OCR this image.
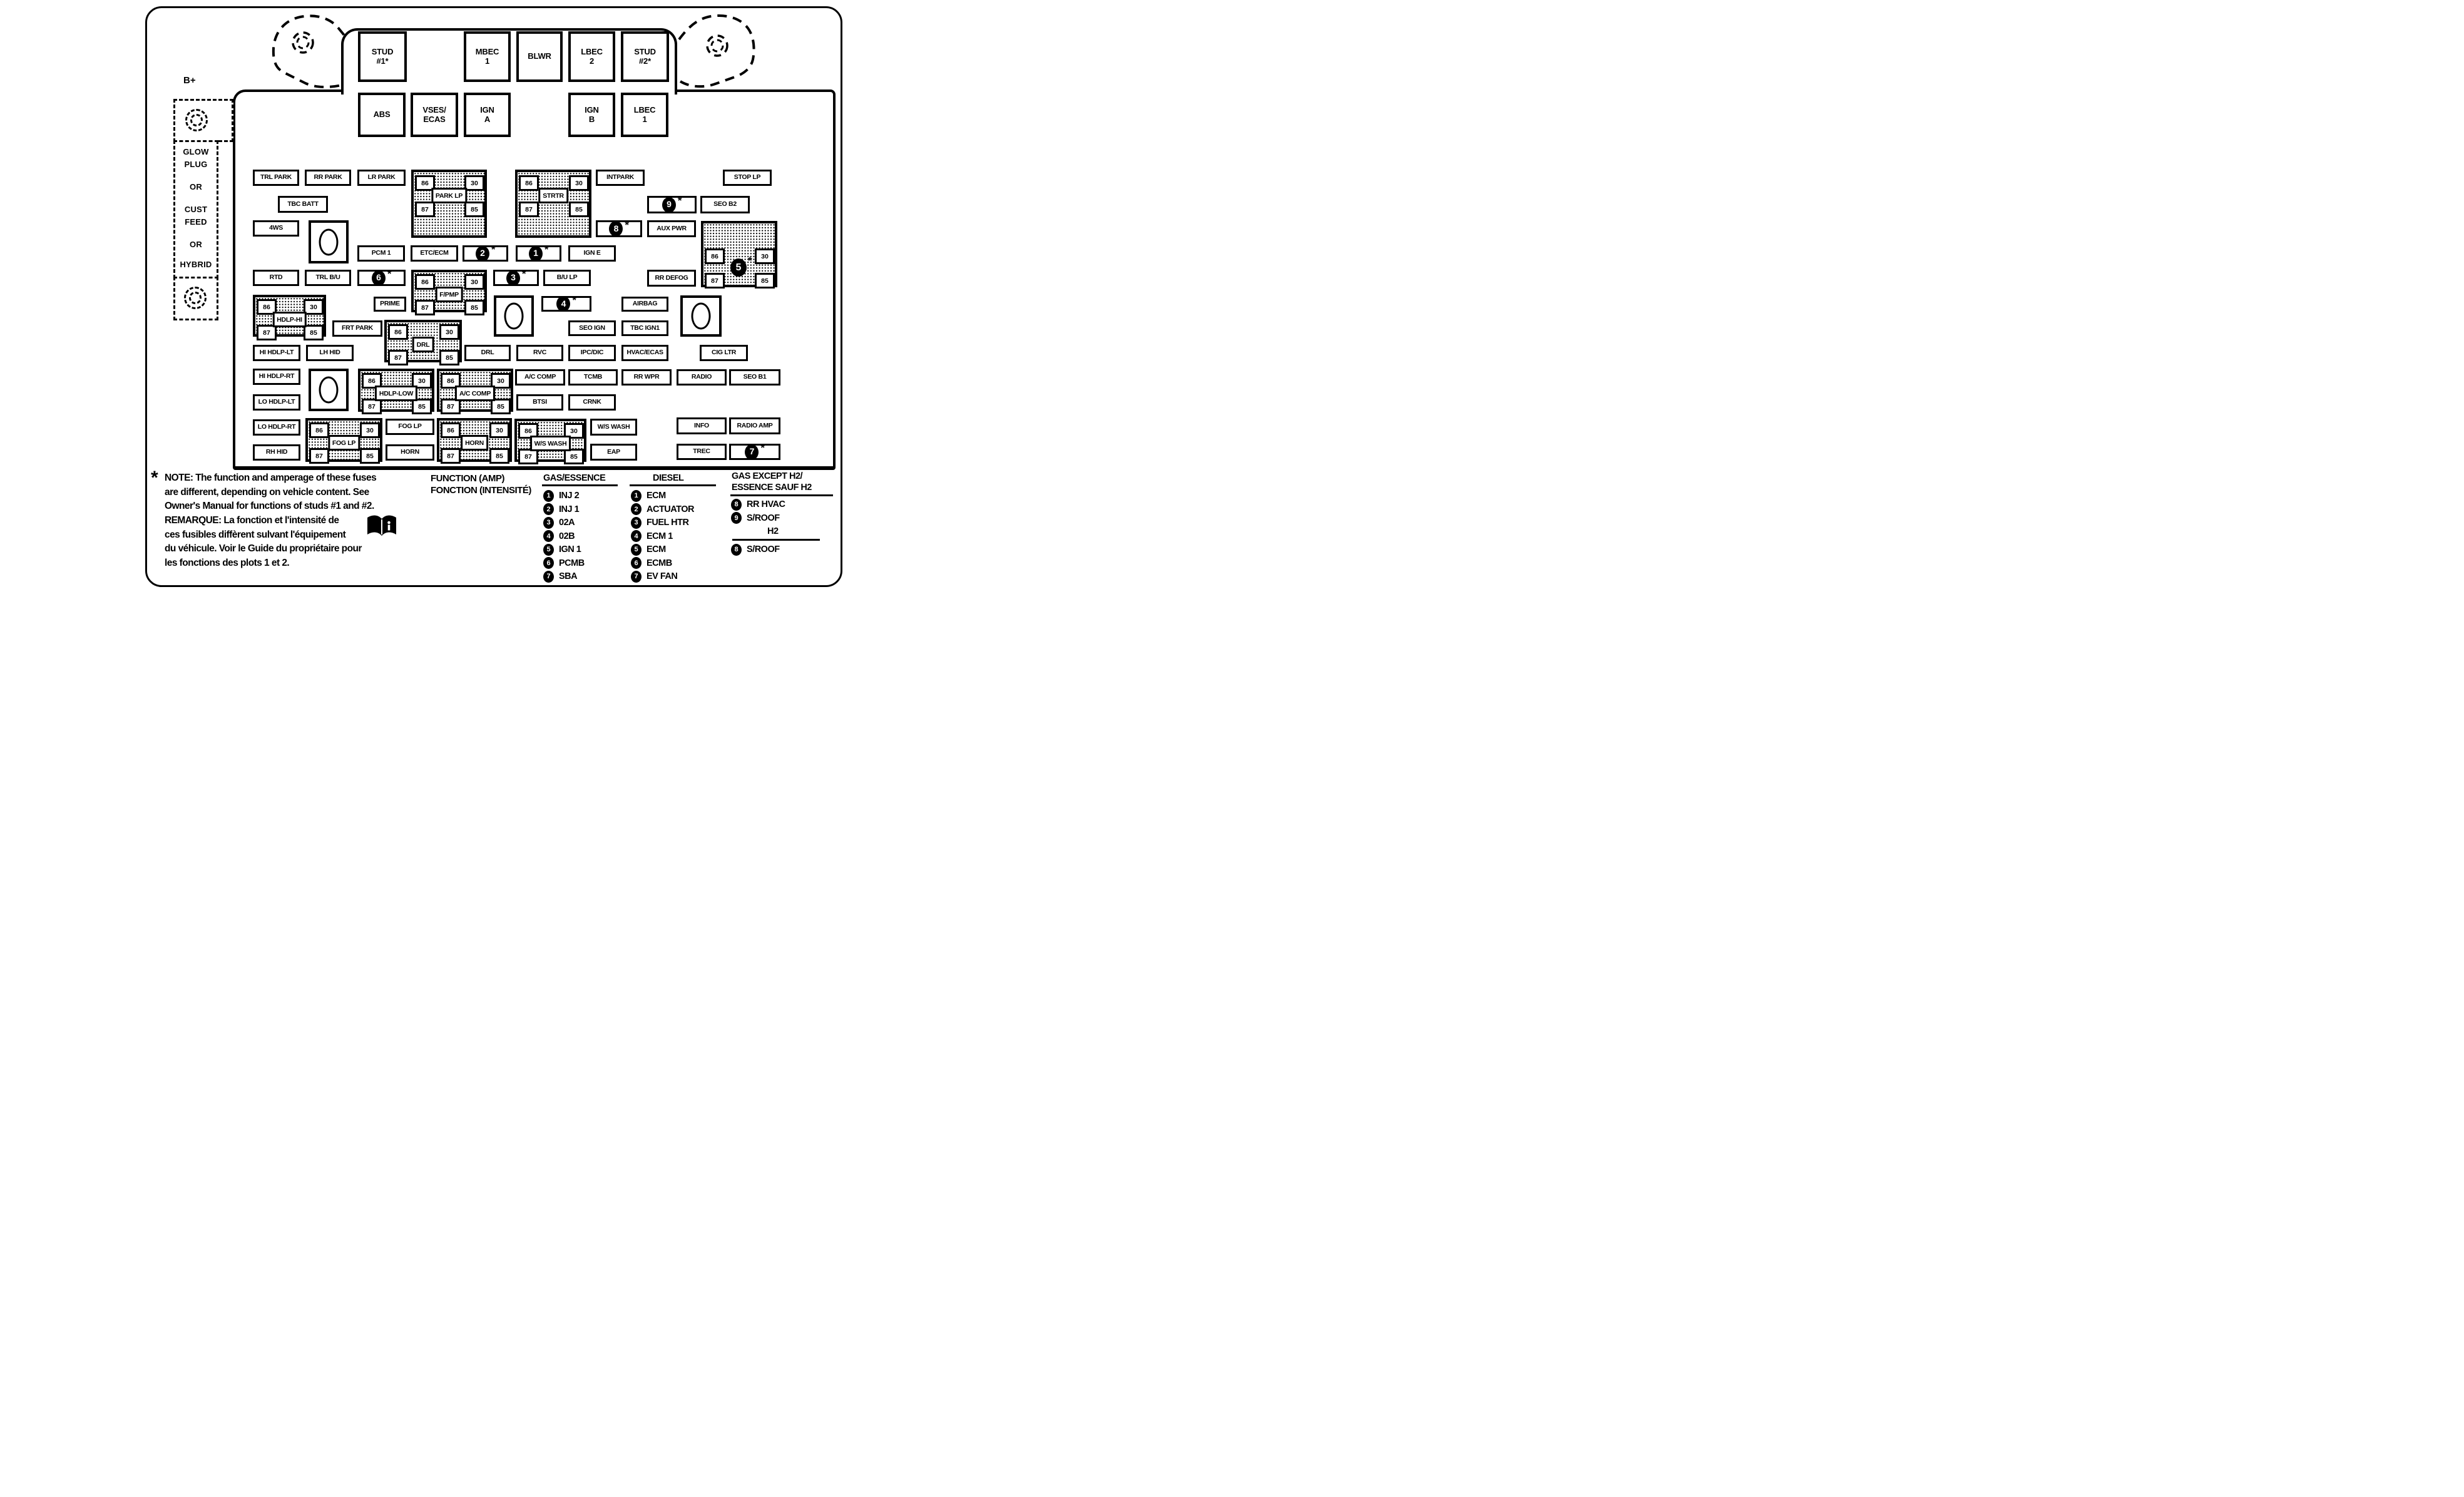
B+
GLOW
PLUG
OR
CUST
FEED
OR
HYBRID
STUD
#1*
MBEC
1	BLWR	LBEC
2
STUD
#2*
ABS	VSES/
ECAS
IGN
A
IGN
B
LBEC
1
TRL PARK	RR PARK	LR PARK	INTPARK	STOP LP
TBC BATT	SEO B2
4WS	AUX PWR
PCM 1	ETC/ECM	IGN E
RTD	TRL B/U	B/U LP	RR DEFOG
PRIME	AIRBAG
FRT PARK	SEO IGN	TBC IGN1
HI HDLP-LT	LH HID	DRL	RVC	IPC/DIC	HVAC/ECAS	CIG LTR
HI HDLP-RT
LO HDLP-LT
A/C COMP	TCMB	RR WPR	RADIO	SEO B1
BTSI	CRNK
LO HDLP-RT
RH HID
FOG LP
HORN
W/S WASH
EAP
INFO	RADIO AMP
TREC
9 *
8 *
2 *	1 *
6 *	3 *
4 *
7 *
86	30
87	85
PARK LP
86	30
87	85
STRTR
86	30
87	85
F/PMP
86	30
87	85
HDLP-HI
86	30
87	85
DRL
86	30
87	85
HDLP-LOW
86	30
87	85
A/C COMP
86	30
87	85
FOG LP
86	30
87	85
HORN
86	30
87	85
W/S WASH
86	30
87	85
5
*
GAS/ESSENCE
1 INJ 2
2 INJ 1
3 02A
4 02B
5 IGN 1
6 PCMB
7 SBA
DIESEL
1 ECM
2 ACTUATOR
3 FUEL HTR
4 ECM 1
5 ECM
6 ECMB
7 EV FAN
GAS EXCEPT H2/
ESSENCE SAUF H2
8 RR HVAC
9 S/ROOF
H2
8 S/ROOF
* NOTE: The function and amperage of these fuses
are different, depending on vehicle content. See
Owner's Manual for functions of studs #1 and #2.
REMARQUE: La fonction et l'intensité de
ces fusibles diffèrent sulvant l'équipement
du véhicule. Voir le Guide du propriétaire pour
les fonctions des plots 1 et 2.
FUNCTION (AMP)
FONCTION (INTENSITÉ)
